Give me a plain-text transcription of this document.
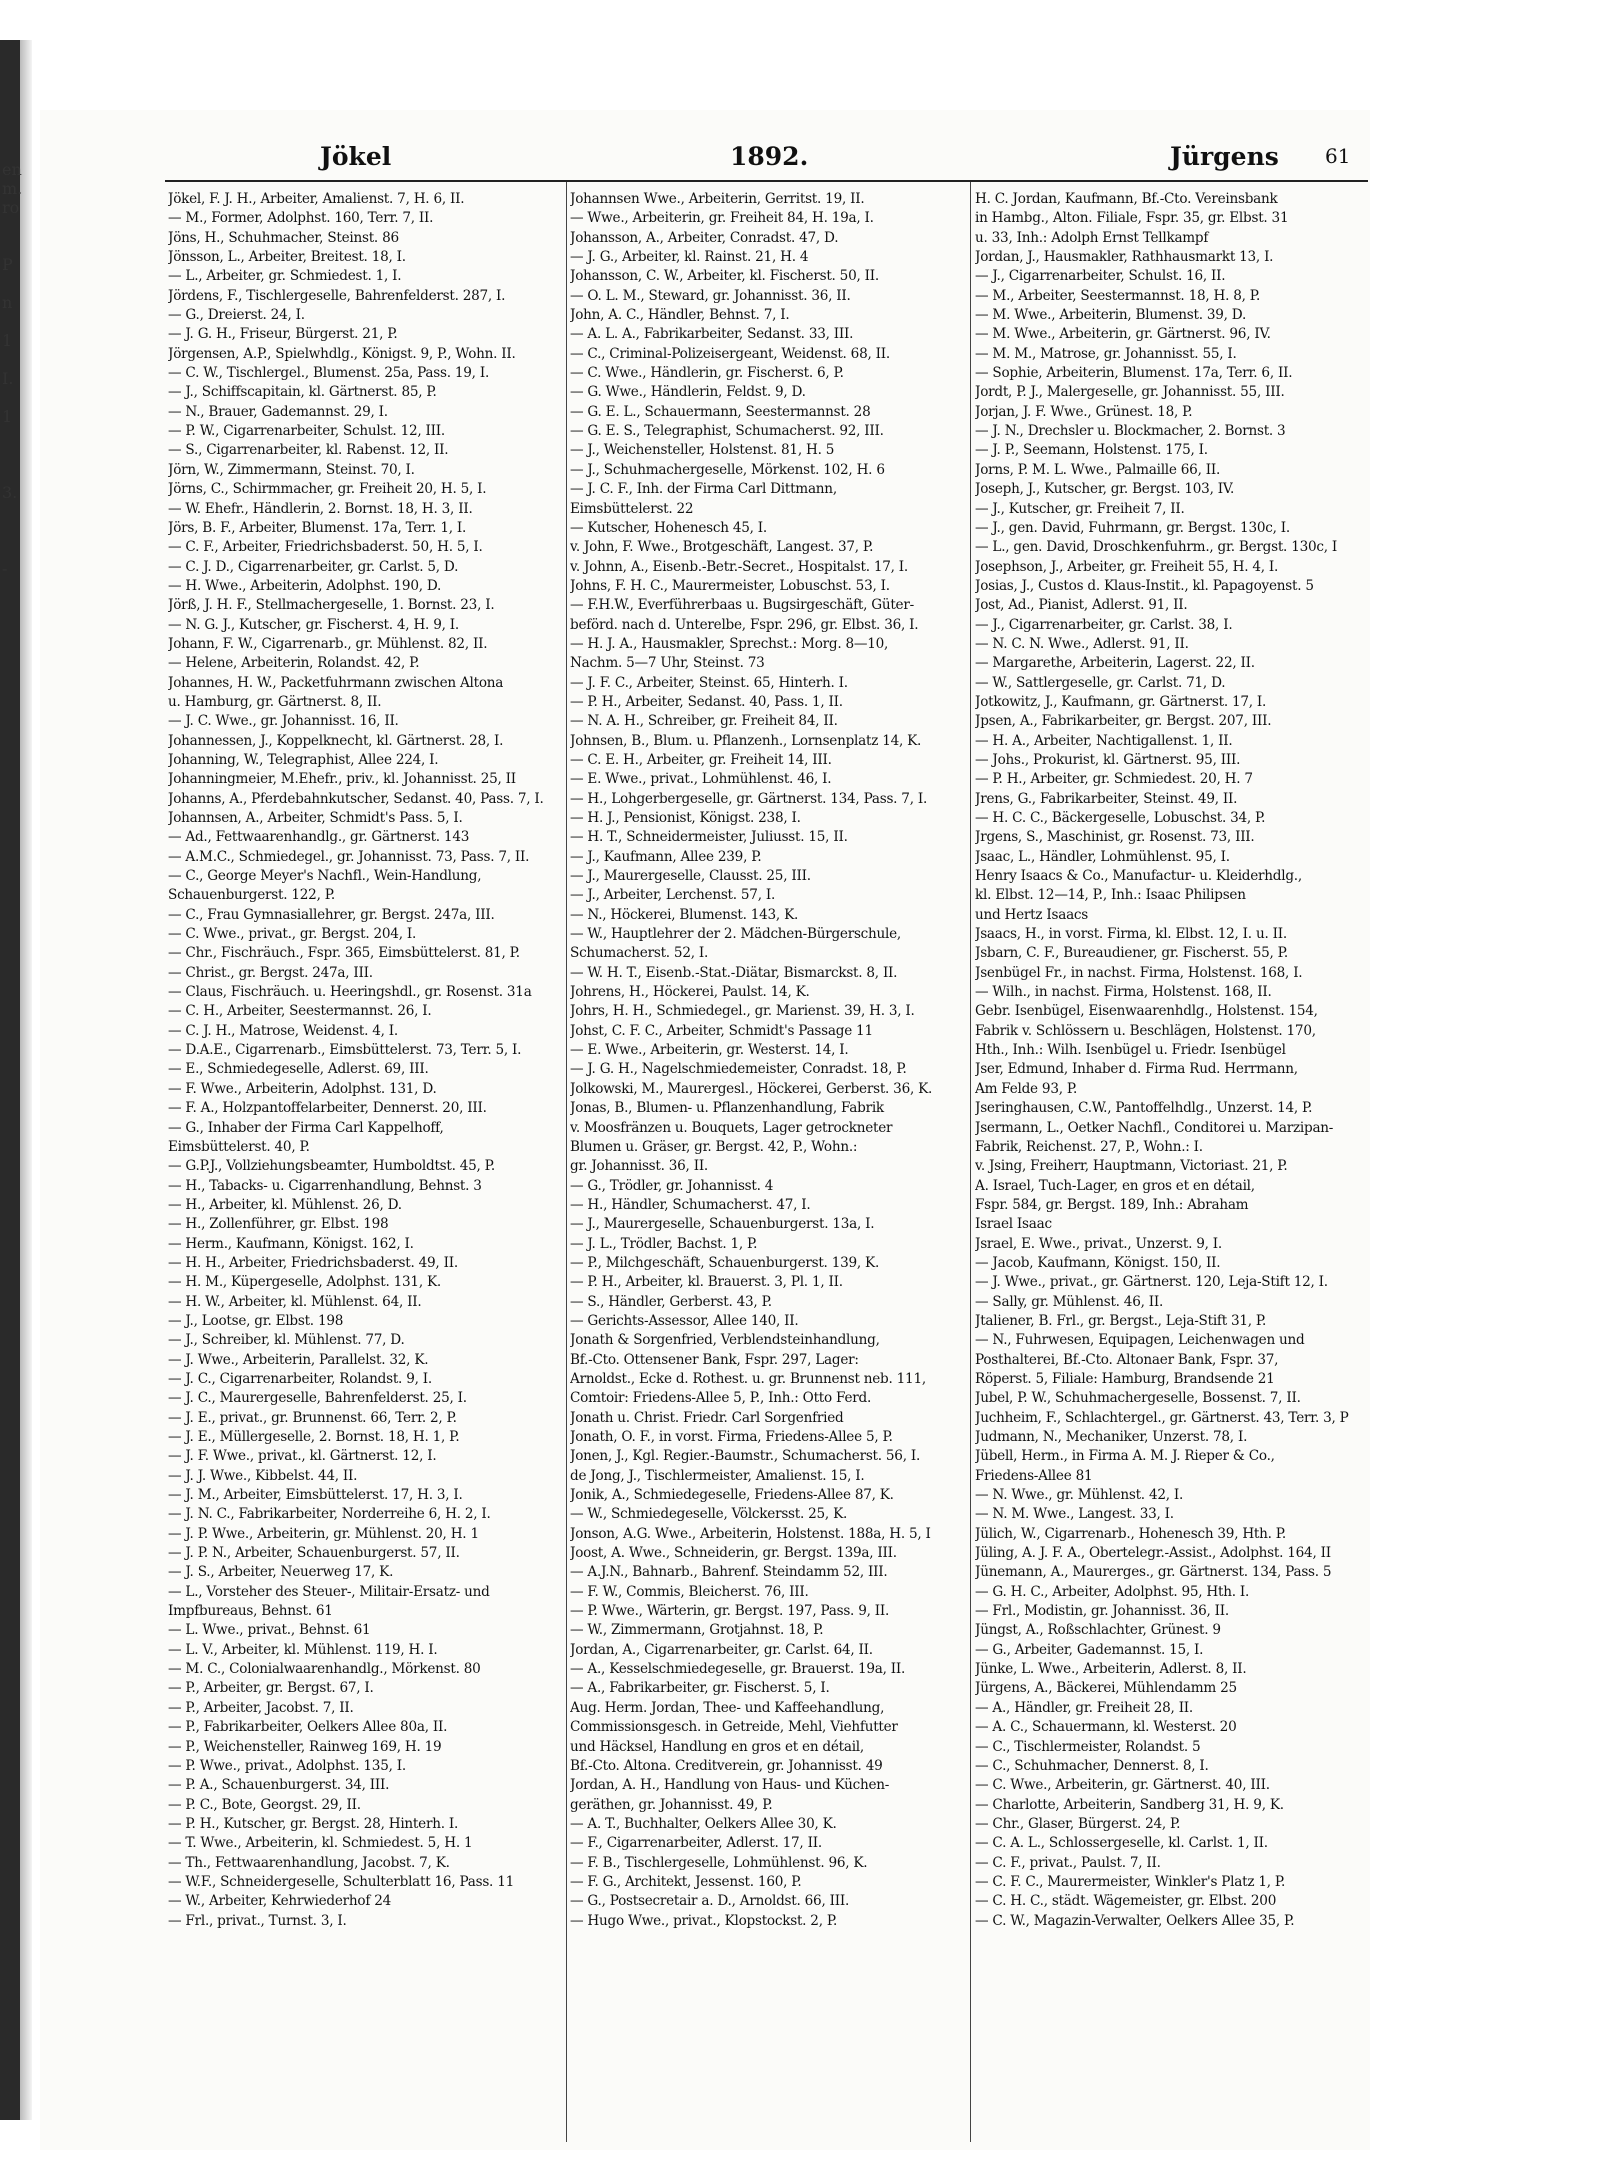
en
m.
ro
P
n
1
I.
1
3.
-
Jökel	1892.	Jürgens 61
Jökel, F. J. H., Arbeiter, Amalienst. 7, H. 6, II.
— M., Former, Adolphst. 160, Terr. 7, II.
Jöns, H., Schuhmacher, Steinst. 86
Jönsson, L., Arbeiter, Breitest. 18, I.
— L., Arbeiter, gr. Schmiedest. 1, I.
Jördens, F., Tischlergeselle, Bahrenfelderst. 287, I.
— G., Dreierst. 24, I.
— J. G. H., Friseur, Bürgerst. 21, P.
Jörgensen, A.P., Spielwhdlg., Königst. 9, P., Wohn. II.
— C. W., Tischlergel., Blumenst. 25a, Pass. 19, I.
— J., Schiffscapitain, kl. Gärtnerst. 85, P.
— N., Brauer, Gademannst. 29, I.
— P. W., Cigarrenarbeiter, Schulst. 12, III.
— S., Cigarrenarbeiter, kl. Rabenst. 12, II.
Jörn, W., Zimmermann, Steinst. 70, I.
Jörns, C., Schirmmacher, gr. Freiheit 20, H. 5, I.
— W. Ehefr., Händlerin, 2. Bornst. 18, H. 3, II.
Jörs, B. F., Arbeiter, Blumenst. 17a, Terr. 1, I.
— C. F., Arbeiter, Friedrichsbaderst. 50, H. 5, I.
— C. J. D., Cigarrenarbeiter, gr. Carlst. 5, D.
— H. Wwe., Arbeiterin, Adolphst. 190, D.
Jörß, J. H. F., Stellmachergeselle, 1. Bornst. 23, I.
— N. G. J., Kutscher, gr. Fischerst. 4, H. 9, I.
Johann, F. W., Cigarrenarb., gr. Mühlenst. 82, II.
— Helene, Arbeiterin, Rolandst. 42, P.
Johannes, H. W., Packetfuhrmann zwischen Altona
u. Hamburg, gr. Gärtnerst. 8, II.
— J. C. Wwe., gr. Johannisst. 16, II.
Johannessen, J., Koppelknecht, kl. Gärtnerst. 28, I.
Johanning, W., Telegraphist, Allee 224, I.
Johanningmeier, M.Ehefr., priv., kl. Johannisst. 25, II
Johanns, A., Pferdebahnkutscher, Sedanst. 40, Pass. 7, I.
Johannsen, A., Arbeiter, Schmidt's Pass. 5, I.
— Ad., Fettwaarenhandlg., gr. Gärtnerst. 143
— A.M.C., Schmiedegel., gr. Johannisst. 73, Pass. 7, II.
— C., George Meyer's Nachfl., Wein-Handlung,
Schauenburgerst. 122, P.
— C., Frau Gymnasiallehrer, gr. Bergst. 247a, III.
— C. Wwe., privat., gr. Bergst. 204, I.
— Chr., Fischräuch., Fspr. 365, Eimsbüttelerst. 81, P.
— Christ., gr. Bergst. 247a, III.
— Claus, Fischräuch. u. Heeringshdl., gr. Rosenst. 31a
— C. H., Arbeiter, Seestermannst. 26, I.
— C. J. H., Matrose, Weidenst. 4, I.
— D.A.E., Cigarrenarb., Eimsbüttelerst. 73, Terr. 5, I.
— E., Schmiedegeselle, Adlerst. 69, III.
— F. Wwe., Arbeiterin, Adolphst. 131, D.
— F. A., Holzpantoffelarbeiter, Dennerst. 20, III.
— G., Inhaber der Firma Carl Kappelhoff,
Eimsbüttelerst. 40, P.
— G.P.J., Vollziehungsbeamter, Humboldtst. 45, P.
— H., Tabacks- u. Cigarrenhandlung, Behnst. 3
— H., Arbeiter, kl. Mühlenst. 26, D.
— H., Zollenführer, gr. Elbst. 198
— Herm., Kaufmann, Königst. 162, I.
— H. H., Arbeiter, Friedrichsbaderst. 49, II.
— H. M., Küpergeselle, Adolphst. 131, K.
— H. W., Arbeiter, kl. Mühlenst. 64, II.
— J., Lootse, gr. Elbst. 198
— J., Schreiber, kl. Mühlenst. 77, D.
— J. Wwe., Arbeiterin, Parallelst. 32, K.
— J. C., Cigarrenarbeiter, Rolandst. 9, I.
— J. C., Maurergeselle, Bahrenfelderst. 25, I.
— J. E., privat., gr. Brunnenst. 66, Terr. 2, P.
— J. E., Müllergeselle, 2. Bornst. 18, H. 1, P.
— J. F. Wwe., privat., kl. Gärtnerst. 12, I.
— J. J. Wwe., Kibbelst. 44, II.
— J. M., Arbeiter, Eimsbüttelerst. 17, H. 3, I.
— J. N. C., Fabrikarbeiter, Norderreihe 6, H. 2, I.
— J. P. Wwe., Arbeiterin, gr. Mühlenst. 20, H. 1
— J. P. N., Arbeiter, Schauenburgerst. 57, II.
— J. S., Arbeiter, Neuerweg 17, K.
— L., Vorsteher des Steuer-, Militair-Ersatz- und
Impfbureaus, Behnst. 61
— L. Wwe., privat., Behnst. 61
— L. V., Arbeiter, kl. Mühlenst. 119, H. I.
— M. C., Colonialwaarenhandlg., Mörkenst. 80
— P., Arbeiter, gr. Bergst. 67, I.
— P., Arbeiter, Jacobst. 7, II.
— P., Fabrikarbeiter, Oelkers Allee 80a, II.
— P., Weichensteller, Rainweg 169, H. 19
— P. Wwe., privat., Adolphst. 135, I.
— P. A., Schauenburgerst. 34, III.
— P. C., Bote, Georgst. 29, II.
— P. H., Kutscher, gr. Bergst. 28, Hinterh. I.
— T. Wwe., Arbeiterin, kl. Schmiedest. 5, H. 1
— Th., Fettwaarenhandlung, Jacobst. 7, K.
— W.F., Schneidergeselle, Schulterblatt 16, Pass. 11
— W., Arbeiter, Kehrwiederhof 24
— Frl., privat., Turnst. 3, I.
Johannsen Wwe., Arbeiterin, Gerritst. 19, II.
— Wwe., Arbeiterin, gr. Freiheit 84, H. 19a, I.
Johansson, A., Arbeiter, Conradst. 47, D.
— J. G., Arbeiter, kl. Rainst. 21, H. 4
Johansson, C. W., Arbeiter, kl. Fischerst. 50, II.
— O. L. M., Steward, gr. Johannisst. 36, II.
John, A. C., Händler, Behnst. 7, I.
— A. L. A., Fabrikarbeiter, Sedanst. 33, III.
— C., Criminal-Polizeisergeant, Weidenst. 68, II.
— C. Wwe., Händlerin, gr. Fischerst. 6, P.
— G. Wwe., Händlerin, Feldst. 9, D.
— G. E. L., Schauermann, Seestermannst. 28
— G. E. S., Telegraphist, Schumacherst. 92, III.
— J., Weichensteller, Holstenst. 81, H. 5
— J., Schuhmachergeselle, Mörkenst. 102, H. 6
— J. C. F., Inh. der Firma Carl Dittmann,
Eimsbüttelerst. 22
— Kutscher, Hohenesch 45, I.
v. John, F. Wwe., Brotgeschäft, Langest. 37, P.
v. Johnn, A., Eisenb.-Betr.-Secret., Hospitalst. 17, I.
Johns, F. H. C., Maurermeister, Lobuschst. 53, I.
— F.H.W., Everführerbaas u. Bugsirgeschäft, Güter-
beförd. nach d. Unterelbe, Fspr. 296, gr. Elbst. 36, I.
— H. J. A., Hausmakler, Sprechst.: Morg. 8—10,
Nachm. 5—7 Uhr, Steinst. 73
— J. F. C., Arbeiter, Steinst. 65, Hinterh. I.
— P. H., Arbeiter, Sedanst. 40, Pass. 1, II.
— N. A. H., Schreiber, gr. Freiheit 84, II.
Johnsen, B., Blum. u. Pflanzenh., Lornsenplatz 14, K.
— C. E. H., Arbeiter, gr. Freiheit 14, III.
— E. Wwe., privat., Lohmühlenst. 46, I.
— H., Lohgerbergeselle, gr. Gärtnerst. 134, Pass. 7, I.
— H. J., Pensionist, Königst. 238, I.
— H. T., Schneidermeister, Juliusst. 15, II.
— J., Kaufmann, Allee 239, P.
— J., Maurergeselle, Clausst. 25, III.
— J., Arbeiter, Lerchenst. 57, I.
— N., Höckerei, Blumenst. 143, K.
— W., Hauptlehrer der 2. Mädchen-Bürgerschule,
Schumacherst. 52, I.
— W. H. T., Eisenb.-Stat.-Diätar, Bismarckst. 8, II.
Johrens, H., Höckerei, Paulst. 14, K.
Johrs, H. H., Schmiedegel., gr. Marienst. 39, H. 3, I.
Johst, C. F. C., Arbeiter, Schmidt's Passage 11
— E. Wwe., Arbeiterin, gr. Westerst. 14, I.
— J. G. H., Nagelschmiedemeister, Conradst. 18, P.
Jolkowski, M., Maurergesl., Höckerei, Gerberst. 36, K.
Jonas, B., Blumen- u. Pflanzenhandlung, Fabrik
v. Moosfränzen u. Bouquets, Lager getrockneter
Blumen u. Gräser, gr. Bergst. 42, P., Wohn.:
gr. Johannisst. 36, II.
— G., Trödler, gr. Johannisst. 4
— H., Händler, Schumacherst. 47, I.
— J., Maurergeselle, Schauenburgerst. 13a, I.
— J. L., Trödler, Bachst. 1, P.
— P., Milchgeschäft, Schauenburgerst. 139, K.
— P. H., Arbeiter, kl. Brauerst. 3, Pl. 1, II.
— S., Händler, Gerberst. 43, P.
— Gerichts-Assessor, Allee 140, II.
Jonath & Sorgenfried, Verblendsteinhandlung,
Bf.-Cto. Ottensener Bank, Fspr. 297, Lager:
Arnoldst., Ecke d. Rothest. u. gr. Brunnenst neb. 111,
Comtoir: Friedens-Allee 5, P., Inh.: Otto Ferd.
Jonath u. Christ. Friedr. Carl Sorgenfried
Jonath, O. F., in vorst. Firma, Friedens-Allee 5, P.
Jonen, J., Kgl. Regier.-Baumstr., Schumacherst. 56, I.
de Jong, J., Tischlermeister, Amalienst. 15, I.
Jonik, A., Schmiedegeselle, Friedens-Allee 87, K.
— W., Schmiedegeselle, Völckersst. 25, K.
Jonson, A.G. Wwe., Arbeiterin, Holstenst. 188a, H. 5, I
Joost, A. Wwe., Schneiderin, gr. Bergst. 139a, III.
— A.J.N., Bahnarb., Bahrenf. Steindamm 52, III.
— F. W., Commis, Bleicherst. 76, III.
— P. Wwe., Wärterin, gr. Bergst. 197, Pass. 9, II.
— W., Zimmermann, Grotjahnst. 18, P.
Jordan, A., Cigarrenarbeiter, gr. Carlst. 64, II.
— A., Kesselschmiedegeselle, gr. Brauerst. 19a, II.
— A., Fabrikarbeiter, gr. Fischerst. 5, I.
Aug. Herm. Jordan, Thee- und Kaffeehandlung,
Commissionsgesch. in Getreide, Mehl, Viehfutter
und Häcksel, Handlung en gros et en détail,
Bf.-Cto. Altona. Creditverein, gr. Johannisst. 49
Jordan, A. H., Handlung von Haus- und Küchen-
geräthen, gr. Johannisst. 49, P.
— A. T., Buchhalter, Oelkers Allee 30, K.
— F., Cigarrenarbeiter, Adlerst. 17, II.
— F. B., Tischlergeselle, Lohmühlenst. 96, K.
— F. G., Architekt, Jessenst. 160, P.
— G., Postsecretair a. D., Arnoldst. 66, III.
— Hugo Wwe., privat., Klopstockst. 2, P.
H. C. Jordan, Kaufmann, Bf.-Cto. Vereinsbank
in Hambg., Alton. Filiale, Fspr. 35, gr. Elbst. 31
u. 33, Inh.: Adolph Ernst Tellkampf
Jordan, J., Hausmakler, Rathhausmarkt 13, I.
— J., Cigarrenarbeiter, Schulst. 16, II.
— M., Arbeiter, Seestermannst. 18, H. 8, P.
— M. Wwe., Arbeiterin, Blumenst. 39, D.
— M. Wwe., Arbeiterin, gr. Gärtnerst. 96, IV.
— M. M., Matrose, gr. Johannisst. 55, I.
— Sophie, Arbeiterin, Blumenst. 17a, Terr. 6, II.
Jordt, P. J., Malergeselle, gr. Johannisst. 55, III.
Jorjan, J. F. Wwe., Grünest. 18, P.
— J. N., Drechsler u. Blockmacher, 2. Bornst. 3
— J. P., Seemann, Holstenst. 175, I.
Jorns, P. M. L. Wwe., Palmaille 66, II.
Joseph, J., Kutscher, gr. Bergst. 103, IV.
— J., Kutscher, gr. Freiheit 7, II.
— J., gen. David, Fuhrmann, gr. Bergst. 130c, I.
— L., gen. David, Droschkenfuhrm., gr. Bergst. 130c, I
Josephson, J., Arbeiter, gr. Freiheit 55, H. 4, I.
Josias, J., Custos d. Klaus-Instit., kl. Papagoyenst. 5
Jost, Ad., Pianist, Adlerst. 91, II.
— J., Cigarrenarbeiter, gr. Carlst. 38, I.
— N. C. N. Wwe., Adlerst. 91, II.
— Margarethe, Arbeiterin, Lagerst. 22, II.
— W., Sattlergeselle, gr. Carlst. 71, D.
Jotkowitz, J., Kaufmann, gr. Gärtnerst. 17, I.
Jpsen, A., Fabrikarbeiter, gr. Bergst. 207, III.
— H. A., Arbeiter, Nachtigallenst. 1, II.
— Johs., Prokurist, kl. Gärtnerst. 95, III.
— P. H., Arbeiter, gr. Schmiedest. 20, H. 7
Jrens, G., Fabrikarbeiter, Steinst. 49, II.
— H. C. C., Bäckergeselle, Lobuschst. 34, P.
Jrgens, S., Maschinist, gr. Rosenst. 73, III.
Jsaac, L., Händler, Lohmühlenst. 95, I.
Henry Isaacs & Co., Manufactur- u. Kleiderhdlg.,
kl. Elbst. 12—14, P., Inh.: Isaac Philipsen
und Hertz Isaacs
Jsaacs, H., in vorst. Firma, kl. Elbst. 12, I. u. II.
Jsbarn, C. F., Bureaudiener, gr. Fischerst. 55, P.
Jsenbügel Fr., in nachst. Firma, Holstenst. 168, I.
— Wilh., in nachst. Firma, Holstenst. 168, II.
Gebr. Isenbügel, Eisenwaarenhdlg., Holstenst. 154,
Fabrik v. Schlössern u. Beschlägen, Holstenst. 170,
Hth., Inh.: Wilh. Isenbügel u. Friedr. Isenbügel
Jser, Edmund, Inhaber d. Firma Rud. Herrmann,
Am Felde 93, P.
Jseringhausen, C.W., Pantoffelhdlg., Unzerst. 14, P.
Jsermann, L., Oetker Nachfl., Conditorei u. Marzipan-
Fabrik, Reichenst. 27, P., Wohn.: I.
v. Jsing, Freiherr, Hauptmann, Victoriast. 21, P.
A. Israel, Tuch-Lager, en gros et en détail,
Fspr. 584, gr. Bergst. 189, Inh.: Abraham
Israel Isaac
Jsrael, E. Wwe., privat., Unzerst. 9, I.
— Jacob, Kaufmann, Königst. 150, II.
— J. Wwe., privat., gr. Gärtnerst. 120, Leja-Stift 12, I.
— Sally, gr. Mühlenst. 46, II.
Jtaliener, B. Frl., gr. Bergst., Leja-Stift 31, P.
— N., Fuhrwesen, Equipagen, Leichenwagen und
Posthalterei, Bf.-Cto. Altonaer Bank, Fspr. 37,
Röperst. 5, Filiale: Hamburg, Brandsende 21
Jubel, P. W., Schuhmachergeselle, Bossenst. 7, II.
Juchheim, F., Schlachtergel., gr. Gärtnerst. 43, Terr. 3, P
Judmann, N., Mechaniker, Unzerst. 78, I.
Jübell, Herm., in Firma A. M. J. Rieper & Co.,
Friedens-Allee 81
— N. Wwe., gr. Mühlenst. 42, I.
— N. M. Wwe., Langest. 33, I.
Jülich, W., Cigarrenarb., Hohenesch 39, Hth. P.
Jüling, A. J. F. A., Obertelegr.-Assist., Adolphst. 164, II
Jünemann, A., Maurerges., gr. Gärtnerst. 134, Pass. 5
— G. H. C., Arbeiter, Adolphst. 95, Hth. I.
— Frl., Modistin, gr. Johannisst. 36, II.
Jüngst, A., Roßschlachter, Grünest. 9
— G., Arbeiter, Gademannst. 15, I.
Jünke, L. Wwe., Arbeiterin, Adlerst. 8, II.
Jürgens, A., Bäckerei, Mühlendamm 25
— A., Händler, gr. Freiheit 28, II.
— A. C., Schauermann, kl. Westerst. 20
— C., Tischlermeister, Rolandst. 5
— C., Schuhmacher, Dennerst. 8, I.
— C. Wwe., Arbeiterin, gr. Gärtnerst. 40, III.
— Charlotte, Arbeiterin, Sandberg 31, H. 9, K.
— Chr., Glaser, Bürgerst. 24, P.
— C. A. L., Schlossergeselle, kl. Carlst. 1, II.
— C. F., privat., Paulst. 7, II.
— C. F. C., Maurermeister, Winkler's Platz 1, P.
— C. H. C., städt. Wägemeister, gr. Elbst. 200
— C. W., Magazin-Verwalter, Oelkers Allee 35, P.
